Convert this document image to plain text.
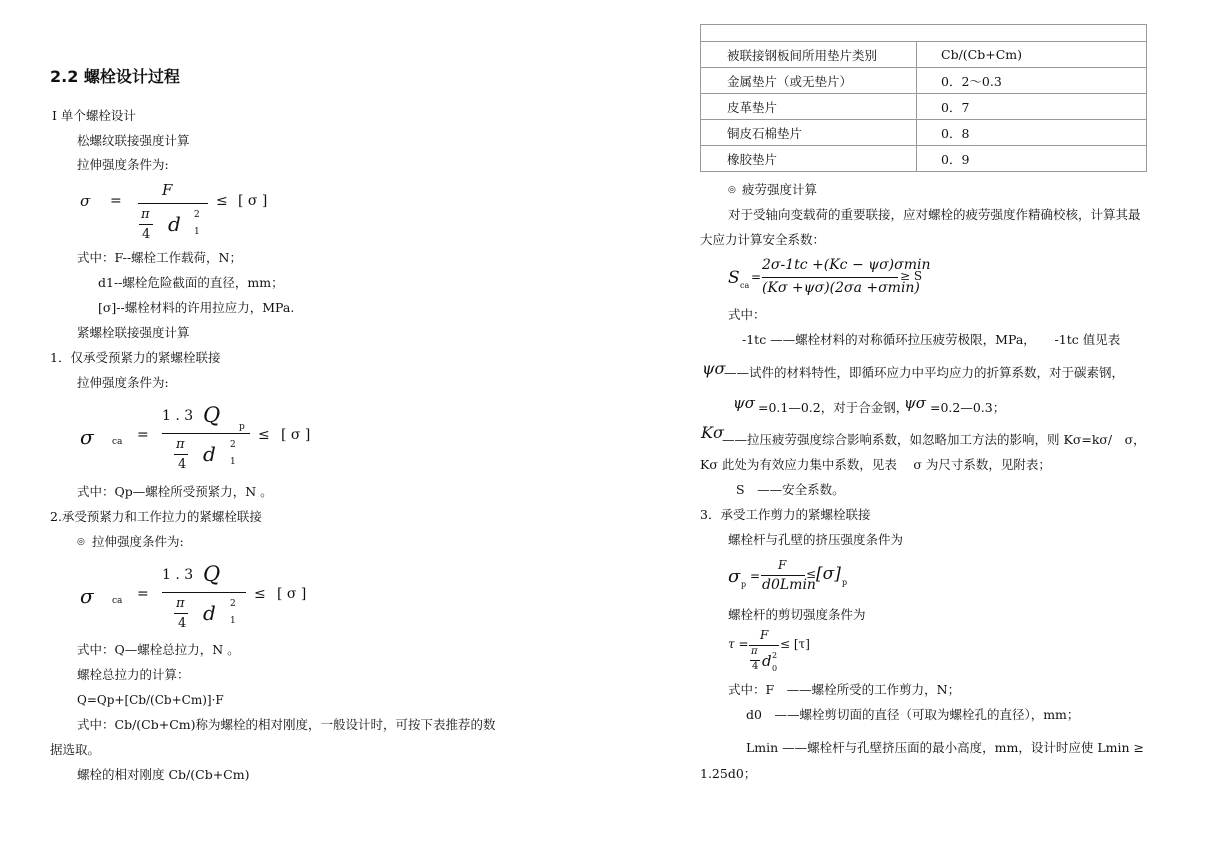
2.2 螺栓设计过程
Ⅰ 单个螺栓设计
松螺纹联接强度计算
拉伸强度条件为:
σ =
F
π
4 d 2
1
≤ [ σ ]
式中：F--螺栓工作载荷，N；
d1--螺栓危险截面的直径，mm；
[σ]--螺栓材料的许用拉应力，MPa.
紧螺栓联接强度计算
1．仅承受预紧力的紧螺栓联接
拉伸强度条件为:
σ ca =
1 . 3 Q p
π
4 d 2
1
≤ [ σ ]
式中：Qp—螺栓所受预紧力，N 。
2.承受预紧力和工作拉力的紧螺栓联接
◎ 拉伸强度条件为:
σ ca =
1 . 3 Q
π
4 d 2
1
≤ [ σ ]
式中：Q—螺栓总拉力，N 。
螺栓总拉力的计算：
Q=Qp+[Cb/(Cb+Cm)]·F
式中：Cb/(Cb+Cm)称为螺栓的相对刚度，一般设计时，可按下表推荐的数
据选取。
螺栓的相对刚度 Cb/(Cb+Cm)

被联接钢板间所用垫片类别	Cb/(Cb+Cm)
金属垫片（或无垫片）	0．2～0.3
皮革垫片	0．7
铜皮石棉垫片	0．8
橡胶垫片	0．9
◎ 疲劳强度计算
对于受轴向变载荷的重要联接，应对螺栓的疲劳强度作精确校核，计算其最
大应力计算安全系数：
S ca
=
2σ-1tc +(Kc − ψσ)σmin
(Kσ +ψσ)(2σa +σmin)
≥ S
式中：
-1tc ——螺栓材料的对称循环拉压疲劳极限，MPa，　　-1tc 值见表
ψσ
——试件的材料特性，即循环应力中平均应力的折算系数，对于碳素钢，
ψσ =0.1—0.2，对于合金钢，
ψσ =0.2—0.3；
Kσ
——拉压疲劳强度综合影响系数，如忽略加工方法的影响，则 Kσ=kσ/　σ，
Kσ 此处为有效应力集中系数，见表　 σ 为尺寸系数，见附表；
S　——安全系数。
3．承受工作剪力的紧螺栓联接
螺栓杆与孔壁的挤压强度条件为
σ p
=
F
d0Lmin
≤ [σ] p
螺栓杆的剪切强度条件为
τ =
F
π
4 d 0
2
≤ [τ]
式中：F　——螺栓所受的工作剪力，N；
d0　——螺栓剪切面的直径（可取为螺栓孔的直径），mm；
Lmin ——螺栓杆与孔壁挤压面的最小高度，mm，设计时应使 Lmin ≥
1.25d0；
